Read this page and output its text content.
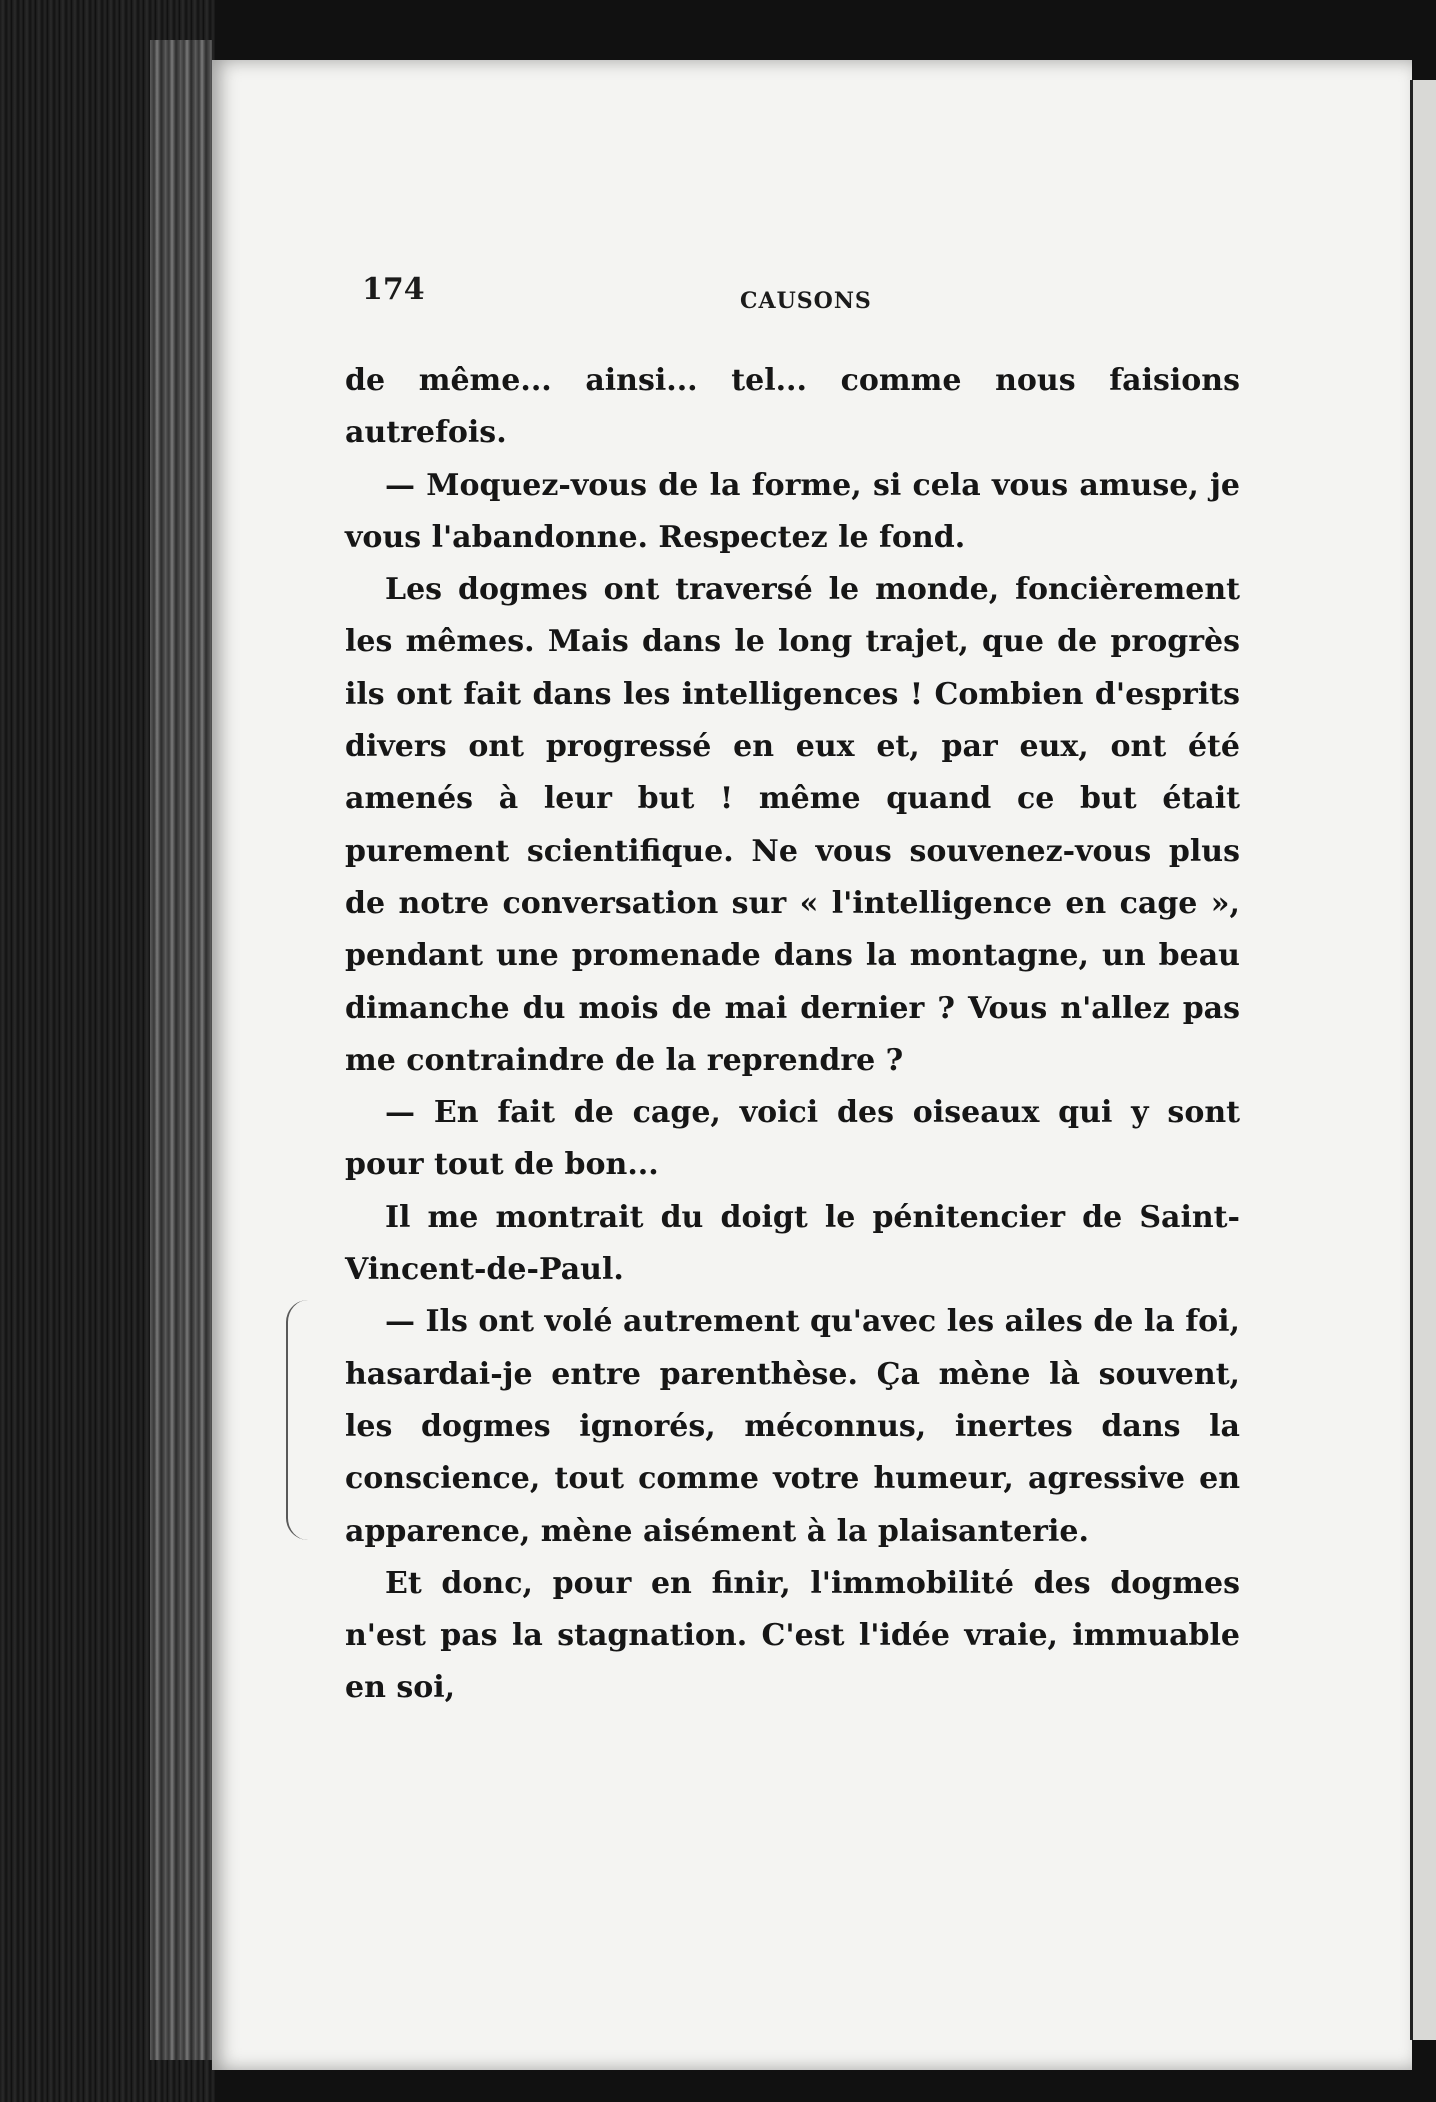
174	CAUSONS

de même... ainsi... tel... comme nous faisions autrefois.

— Moquez-vous de la forme, si cela vous amuse, je vous l'abandonne. Respectez le fond.

Les dogmes ont traversé le monde, foncièrement les mêmes. Mais dans le long trajet, que de progrès ils ont fait dans les intelligences ! Combien d'esprits divers ont progressé en eux et, par eux, ont été amenés à leur but ! même quand ce but était purement scientifique. Ne vous souvenez-vous plus de notre conversation sur « l'intelligence en cage », pendant une promenade dans la montagne, un beau dimanche du mois de mai dernier ? Vous n'allez pas me contraindre de la reprendre ?

— En fait de cage, voici des oiseaux qui y sont pour tout de bon...

Il me montrait du doigt le pénitencier de Saint-Vincent-de-Paul.

— Ils ont volé autrement qu'avec les ailes de la foi, hasardai-je entre parenthèse. Ça mène là souvent, les dogmes ignorés, méconnus, inertes dans la conscience, tout comme votre humeur, agressive en apparence, mène aisément à la plaisanterie.

Et donc, pour en finir, l'immobilité des dogmes n'est pas la stagnation. C'est l'idée vraie, immuable en soi,
